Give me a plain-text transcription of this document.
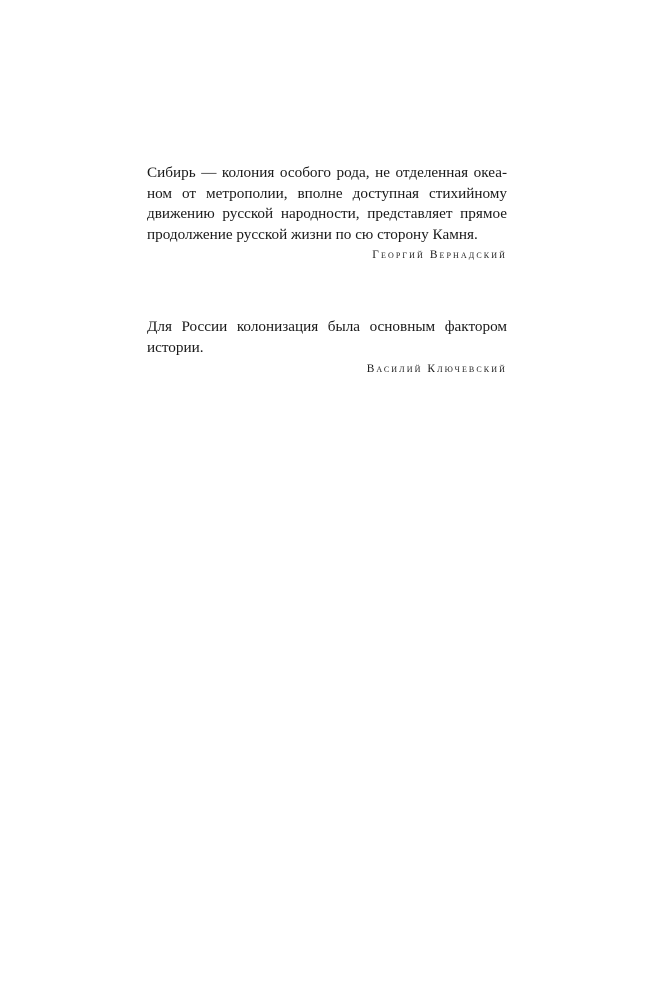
Сибирь — колония особого рода, не отделенная океа-
ном от метрополии, вполне доступная стихийному
движению русской народности, представляет прямое
продолжение русской жизни по сю сторону Камня.
Георгий Вернадский
Для России колонизация была основным фактором
истории.
Василий Ключевский
